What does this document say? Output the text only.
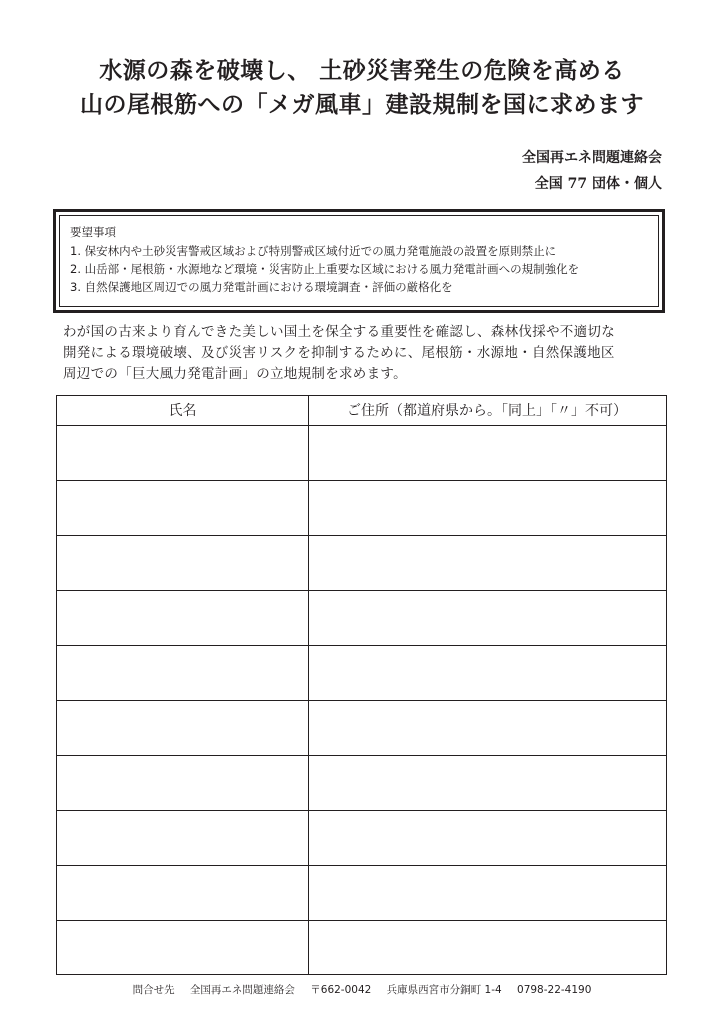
水源の森を破壊し、 土砂災害発生の危険を高める
山の尾根筋への「メガ風車」建設規制を国に求めます
全国再エネ問題連絡会
全国 77 団体・個人
要望事項
1. 保安林内や土砂災害警戒区域および特別警戒区域付近での風力発電施設の設置を原則禁止に
2. 山岳部・尾根筋・水源地など環境・災害防止上重要な区域における風力発電計画への規制強化を
3. 自然保護地区周辺での風力発電計画における環境調査・評価の厳格化を
わが国の古来より育んできた美しい国土を保全する重要性を確認し、森林伐採や不適切な
開発による環境破壊、及び災害リスクを抑制するために、尾根筋・水源地・自然保護地区
周辺での「巨大風力発電計画」の立地規制を求めます。
氏名	ご住所（都道府県から。「同上」「〃」不可）
問合せ先 全国再エネ問題連絡会 〒662-0042 兵庫県西宮市分銅町 1-4 0798-22-4190
